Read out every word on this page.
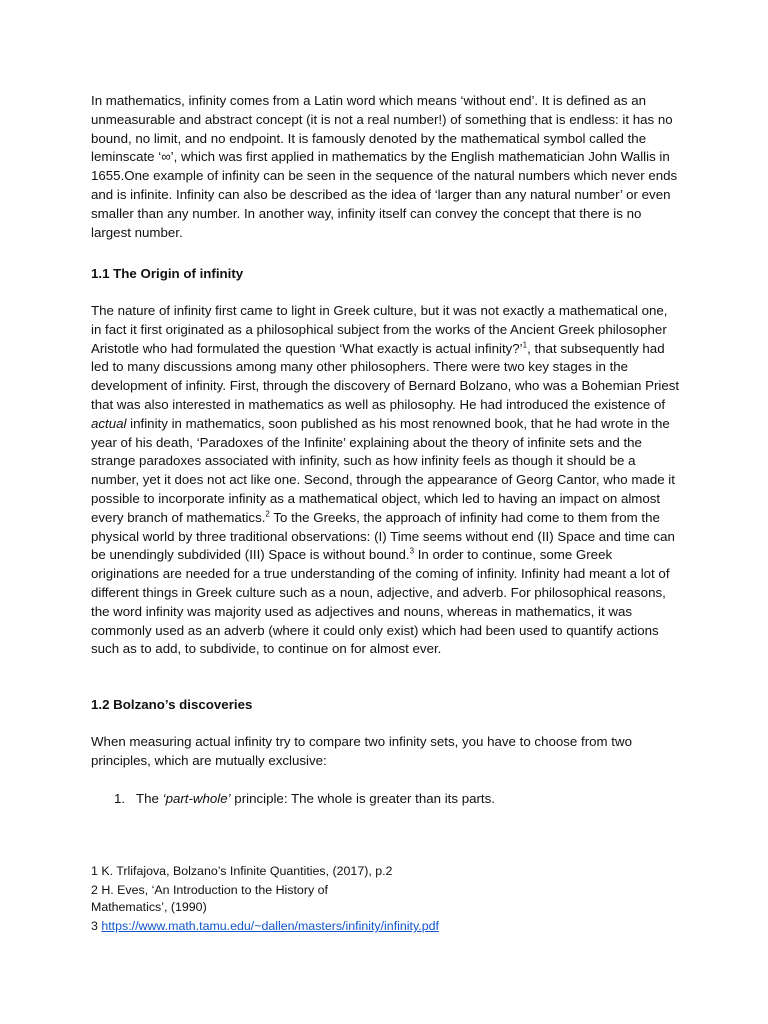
In mathematics, infinity comes from a Latin word which means ‘without end’. It is defined as an unmeasurable and abstract concept (it is not a real number!) of something that is endless: it has no bound, no limit, and no endpoint. It is famously denoted by the mathematical symbol called the leminscate ‘∞’, which was first applied in mathematics by the English mathematician John Wallis in 1655.One example of infinity can be seen in the sequence of the natural numbers which never ends and is infinite. Infinity can also be described as the idea of ‘larger than any natural number’ or even smaller than any number. In another way, infinity itself can convey the concept that there is no largest number.

1.1 The Origin of infinity

The nature of infinity first came to light in Greek culture, but it was not exactly a mathematical one, in fact it first originated as a philosophical subject from the works of the Ancient Greek philosopher Aristotle who had formulated the question ‘What exactly is actual infinity?’$^1$, that subsequently had led to many discussions among many other philosophers. There were two key stages in the development of infinity. First, through the discovery of Bernard Bolzano, who was a Bohemian Priest that was also interested in mathematics as well as philosophy. He had introduced the existence of actual infinity in mathematics, soon published as his most renowned book, that he had wrote in the year of his death, ‘Paradoxes of the Infinite’ explaining about the theory of infinite sets and the strange paradoxes associated with infinity, such as how infinity feels as though it should be a number, yet it does not act like one. Second, through the appearance of Georg Cantor, who made it possible to incorporate infinity as a mathematical object, which led to having an impact on almost every branch of mathematics.$^2$ To the Greeks, the approach of infinity had come to them from the physical world by three traditional observations: (I) Time seems without end (II) Space and time can be unendingly subdivided (III) Space is without bound.$^3$ In order to continue, some Greek originations are needed for a true understanding of the coming of infinity. Infinity had meant a lot of different things in Greek culture such as a noun, adjective, and adverb. For philosophical reasons, the word infinity was majority used as adjectives and nouns, whereas in mathematics, it was commonly used as an adverb (where it could only exist) which had been used to quantify actions such as to add, to subdivide, to continue on for almost ever.

1.2 Bolzano’s discoveries

When measuring actual infinity try to compare two infinity sets, you have to choose from two principles, which are mutually exclusive:

1. The ‘part-whole’ principle: The whole is greater than its parts.

1 K. Trlifajova, Bolzano’s Infinite Quantities, (2017), p.2
2 H. Eves, ‘An Introduction to the History of
Mathematics’, (1990)
3 https://www.math.tamu.edu/~dallen/masters/infinity/infinity.pdf
